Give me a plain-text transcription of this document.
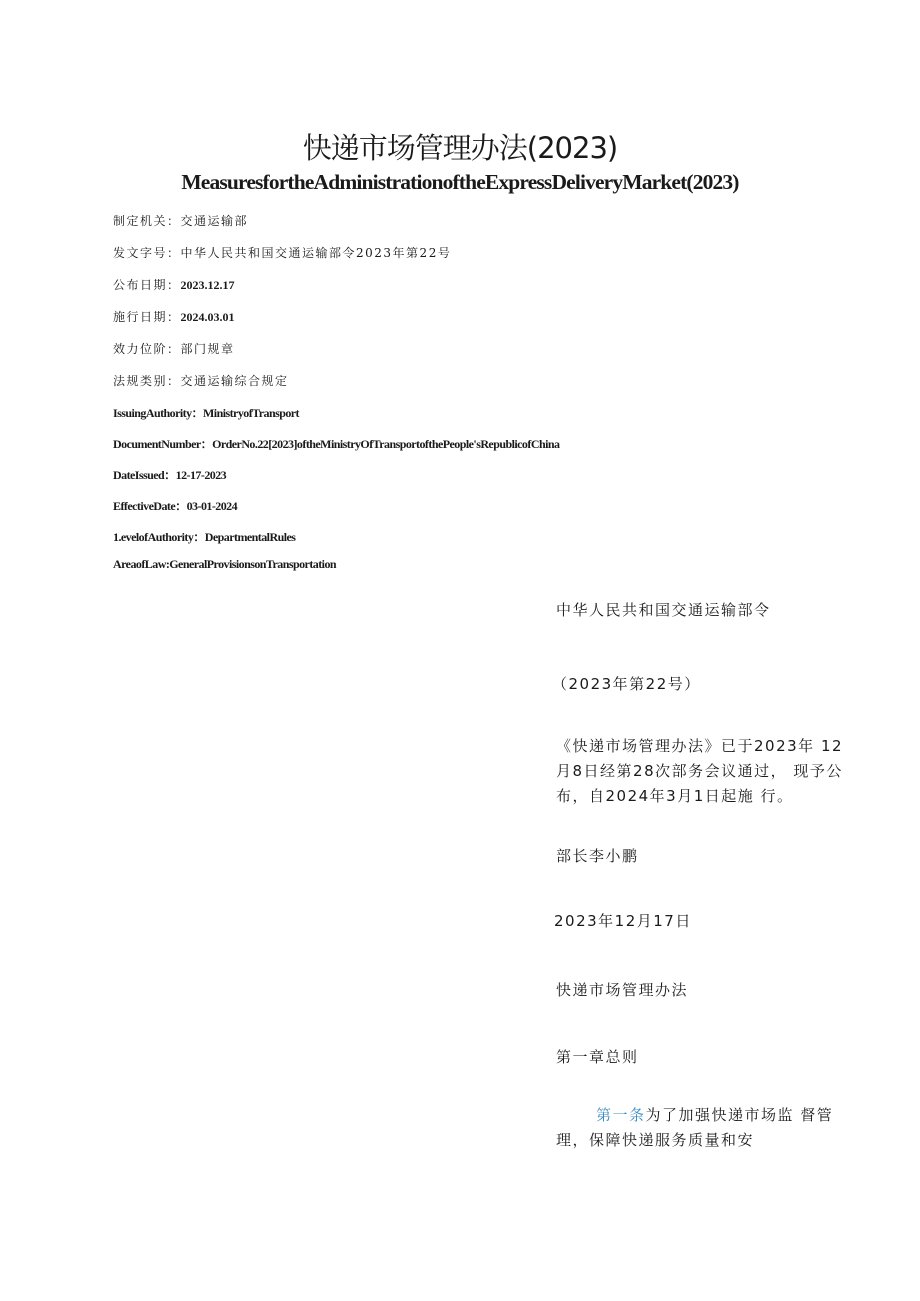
快递市场管理办法(2023)
MeasuresfortheAdministrationoftheExpressDeliveryMarket(2023)
制定机关：交通运输部
发文字号：中华人民共和国交通运输部令2023年第22号
公布日期：2023.12.17
施行日期：2024.03.01
效力位阶：部门规章
法规类别：交通运输综合规定
IssuingAuthority：MinistryofTransport
DocumentNumber：OrderNo.22[2023]oftheMinistryOfTransportofthePeople'sRepublicofChina
DateIssued：12-17-2023
EffectiveDate：03-01-2024
1.evelofAuthority：DepartmentalRules
AreaofLaw:GeneralProvisionsonTransportation
中华人民共和国交通运输部令
（2023年第22号）
《快递市场管理办法》已于2023年 12月8日经第28次部务会议通过， 现予公布，自2024年3月1日起施 行。
部长李小鹏
2023年12月17日
快递市场管理办法
第一章总则
第一条为了加强快递市场监 督管理，保障快递服务质量和安
